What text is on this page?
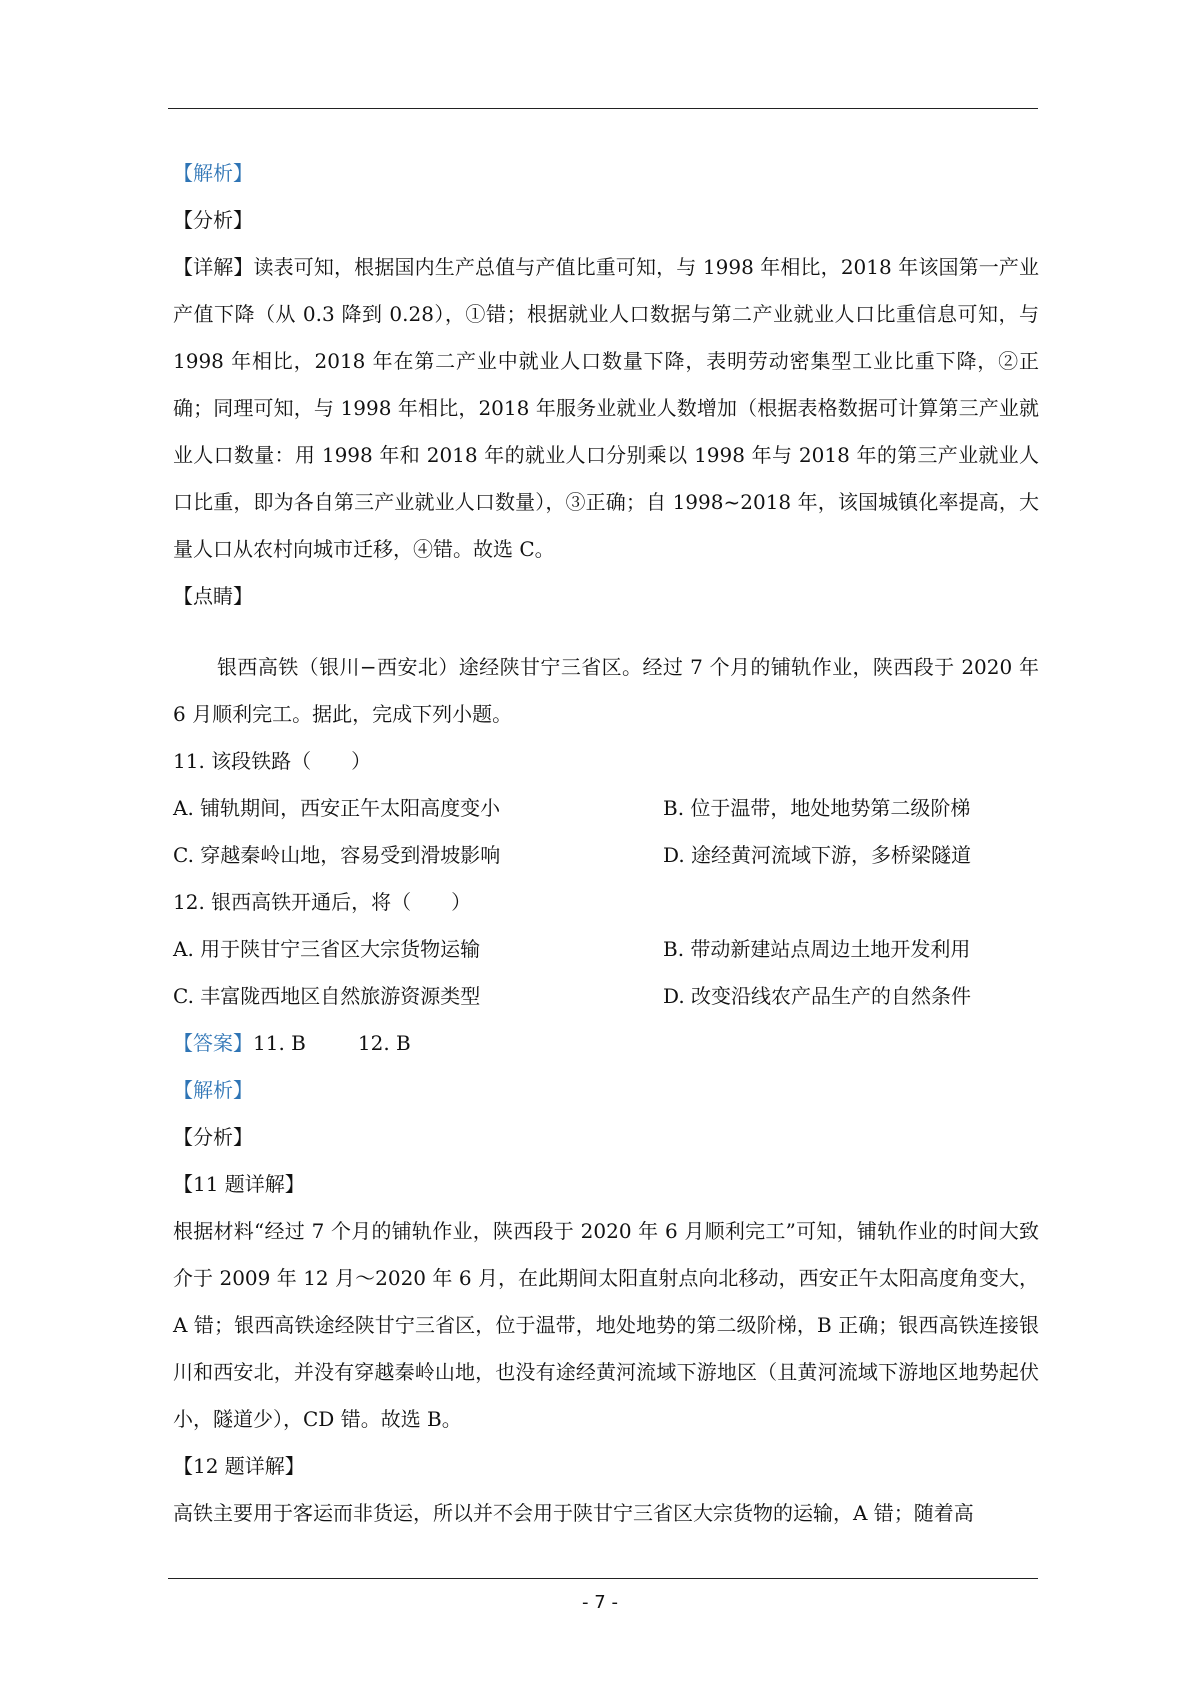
【解析】
【分析】
【详解】读表可知，根据国内生产总值与产值比重可知，与 1998 年相比，2018 年该国第一产业产值下降（从 0.3 降到 0.28），①错；根据就业人口数据与第二产业就业人口比重信息可知，与 1998 年相比，2018 年在第二产业中就业人口数量下降，表明劳动密集型工业比重下降，②正确；同理可知，与 1998 年相比，2018 年服务业就业人数增加（根据表格数据可计算第三产业就业人口数量：用 1998 年和 2018 年的就业人口分别乘以 1998 年与 2018 年的第三产业就业人口比重，即为各自第三产业就业人口数量），③正确；自 1998~2018 年，该国城镇化率提高，大量人口从农村向城市迁移，④错。故选 C。
【点睛】
银西高铁（银川−西安北）途经陕甘宁三省区。经过 7 个月的铺轨作业，陕西段于 2020 年 6 月顺利完工。据此，完成下列小题。
11. 该段铁路（　　）
A. 铺轨期间，西安正午太阳高度变小	B. 位于温带，地处地势第二级阶梯
C. 穿越秦岭山地，容易受到滑坡影响	D. 途经黄河流域下游，多桥梁隧道
12. 银西高铁开通后，将（　　）
A. 用于陕甘宁三省区大宗货物运输	B. 带动新建站点周边土地开发利用
C. 丰富陇西地区自然旅游资源类型	D. 改变沿线农产品生产的自然条件
【答案】11. B	12. B
【解析】
【分析】
【11 题详解】
根据材料“经过 7 个月的铺轨作业，陕西段于 2020 年 6 月顺利完工”可知，铺轨作业的时间大致介于 2009 年 12 月～2020 年 6 月，在此期间太阳直射点向北移动，西安正午太阳高度角变大，A 错；银西高铁途经陕甘宁三省区，位于温带，地处地势的第二级阶梯，B 正确；银西高铁连接银川和西安北，并没有穿越秦岭山地，也没有途经黄河流域下游地区（且黄河流域下游地区地势起伏小，隧道少），CD 错。故选 B。
【12 题详解】
高铁主要用于客运而非货运，所以并不会用于陕甘宁三省区大宗货物的运输，A 错；随着高
- 7 -
